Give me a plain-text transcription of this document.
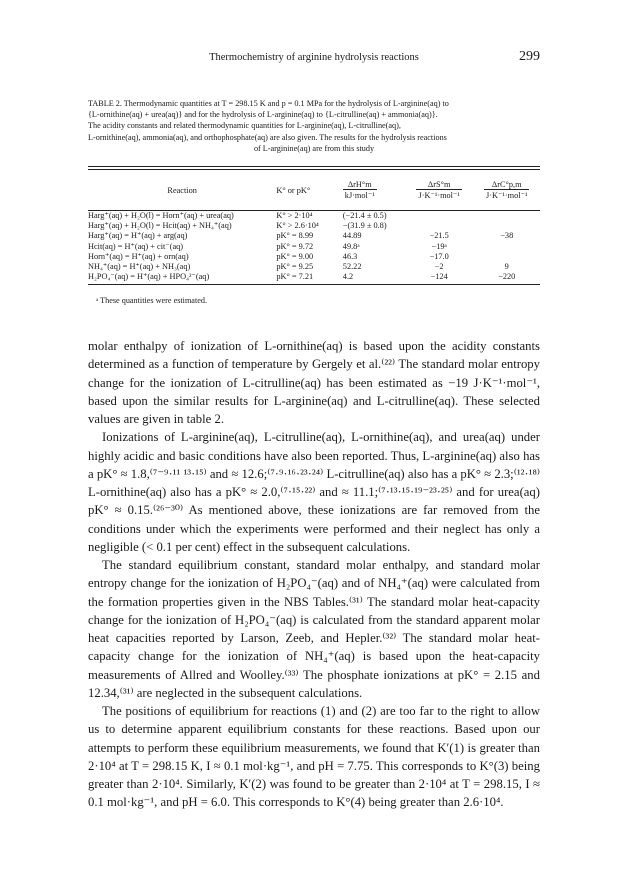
Thermochemistry of arginine hydrolysis reactions	299
TABLE 2. Thermodynamic quantities at T = 298.15 K and p = 0.1 MPa for the hydrolysis of L-arginine(aq) to
{L-ornithine(aq) + urea(aq)} and for the hydrolysis of L-arginine(aq) to {L-citrulline(aq) + ammonia(aq)}.
The acidity constants and related thermodynamic quantities for L-arginine(aq), L-citrulline(aq),
L-ornithine(aq), ammonia(aq), and orthophosphate(aq) are also given. The results for the hydrolysis reactions
of L-arginine(aq) are from this study
Reaction	K° or pK°	$\frac{\text{ΔrH°m}}{\text{kJ·mol⁻¹}}$	$\frac{\text{ΔrS°m}}{\text{J·K⁻¹·mol⁻¹}}$	$\frac{\text{ΔrC°p,m}}{\text{J·K⁻¹·mol⁻¹}}$

Harg⁺(aq) + H₂O(l) = Horn⁺(aq) + urea(aq)	K° > 2·10⁴	(−21.4 ± 0.5)		
Harg⁺(aq) + H₂O(l) = Hcit(aq) + NH₄⁺(aq)	K° > 2.6·10⁴	−(31.9 ± 0.8)		
Harg⁺(aq) = H⁺(aq) + arg(aq)	pK° = 8.99	44.89	−21.5	−38
Hcit(aq) = H⁺(aq) + cit⁻(aq)	pK° = 9.72	49.8ᵃ	−19ᵃ	
Horn⁺(aq) = H⁺(aq) + orn(aq)	pK° = 9.00	46.3	−17.0	
NH₄⁺(aq) = H⁺(aq) + NH₃(aq)	pK° = 9.25	52.22	−2	9
H₂PO₄⁻(aq) = H⁺(aq) + HPO₄²⁻(aq)	pK° = 7.21	4.2	−124	−220
ᵃ These quantities were estimated.

molar enthalpy of ionization of L-ornithine(aq) is based upon the acidity constants determined as a function of temperature by Gergely et al.⁽²²⁾ The standard molar entropy change for the ionization of L-citrulline(aq) has been estimated as −19 J·K⁻¹·mol⁻¹, based upon the similar results for L-arginine(aq) and L-citrulline(aq). These selected values are given in table 2.

Ionizations of L-arginine(aq), L-citrulline(aq), L-ornithine(aq), and urea(aq) under highly acidic and basic conditions have also been reported. Thus, L-arginine(aq) also has a pK° ≈ 1.8,⁽⁷⁻⁹·¹¹ ¹³·¹⁵⁾ and ≈ 12.6;⁽⁷·⁹·¹⁶·²³·²⁴⁾ L-citrulline(aq) also has a pK° ≈ 2.3;⁽¹²·¹⁸⁾ L-ornithine(aq) also has a pK° ≈ 2.0,⁽⁷·¹⁵·²²⁾ and ≈ 11.1;⁽⁷·¹³·¹⁵·¹⁹⁻²³·²⁵⁾ and for urea(aq) pK° ≈ 0.15.⁽²⁶⁻³⁰⁾ As mentioned above, these ionizations are far removed from the conditions under which the experiments were performed and their neglect has only a negligible (< 0.1 per cent) effect in the subsequent calculations.

The standard equilibrium constant, standard molar enthalpy, and standard molar entropy change for the ionization of H₂PO₄⁻(aq) and of NH₄⁺(aq) were calculated from the formation properties given in the NBS Tables.⁽³¹⁾ The standard molar heat-capacity change for the ionization of H₂PO₄⁻(aq) is calculated from the standard apparent molar heat capacities reported by Larson, Zeeb, and Hepler.⁽³²⁾ The standard molar heat-capacity change for the ionization of NH₄⁺(aq) is based upon the heat-capacity measurements of Allred and Woolley.⁽³³⁾ The phosphate ionizations at pK° = 2.15 and 12.34,⁽³¹⁾ are neglected in the subsequent calculations.

The positions of equilibrium for reactions (1) and (2) are too far to the right to allow us to determine apparent equilibrium constants for these reactions. Based upon our attempts to perform these equilibrium measurements, we found that K′(1) is greater than 2·10⁴ at T = 298.15 K, I ≈ 0.1 mol·kg⁻¹, and pH = 7.75. This corresponds to K°(3) being greater than 2·10⁴. Similarly, K′(2) was found to be greater than 2·10⁴ at T = 298.15, I ≈ 0.1 mol·kg⁻¹, and pH = 6.0. This corresponds to K°(4) being greater than 2.6·10⁴.
